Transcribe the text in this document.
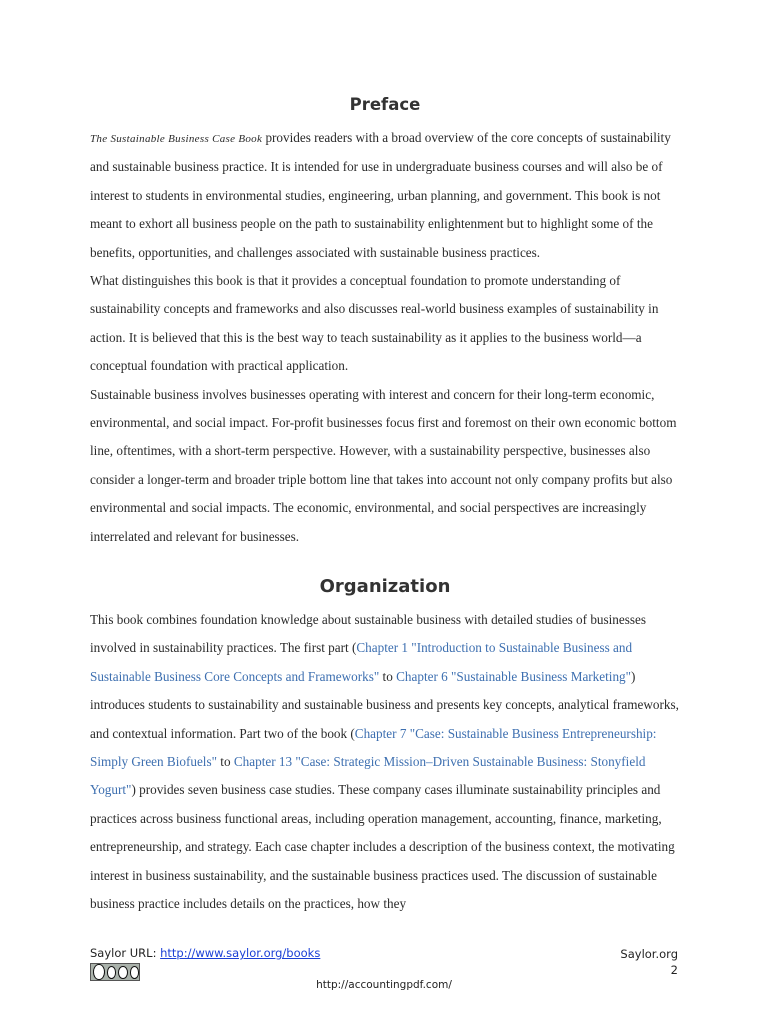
Preface

The Sustainable Business Case Book provides readers with a broad overview of the core concepts of sustainability and sustainable business practice. It is intended for use in undergraduate business courses and will also be of interest to students in environmental studies, engineering, urban planning, and government. This book is not meant to exhort all business people on the path to sustainability enlightenment but to highlight some of the benefits, opportunities, and challenges associated with sustainable business practices.

What distinguishes this book is that it provides a conceptual foundation to promote understanding of sustainability concepts and frameworks and also discusses real-world business examples of sustainability in action. It is believed that this is the best way to teach sustainability as it applies to the business world—a conceptual foundation with practical application.

Sustainable business involves businesses operating with interest and concern for their long-term economic, environmental, and social impact. For-profit businesses focus first and foremost on their own economic bottom line, oftentimes, with a short-term perspective. However, with a sustainability perspective, businesses also consider a longer-term and broader triple bottom line that takes into account not only company profits but also environmental and social impacts. The economic, environmental, and social perspectives are increasingly interrelated and relevant for businesses.

Organization

This book combines foundation knowledge about sustainable business with detailed studies of businesses involved in sustainability practices. The first part (Chapter 1 "Introduction to Sustainable Business and Sustainable Business Core Concepts and Frameworks" to Chapter 6 "Sustainable Business Marketing") introduces students to sustainability and sustainable business and presents key concepts, analytical frameworks, and contextual information. Part two of the book (Chapter 7 "Case: Sustainable Business Entrepreneurship: Simply Green Biofuels" to Chapter 13 "Case: Strategic Mission–Driven Sustainable Business: Stonyfield Yogurt") provides seven business case studies. These company cases illuminate sustainability principles and practices across business functional areas, including operation management, accounting, finance, marketing, entrepreneurship, and strategy. Each case chapter includes a description of the business context, the motivating interest in business sustainability, and the sustainable business practices used. The discussion of sustainable business practice includes details on the practices, how they

Saylor URL: http://www.saylor.org/books	Saylor.org
2
http://accountingpdf.com/
